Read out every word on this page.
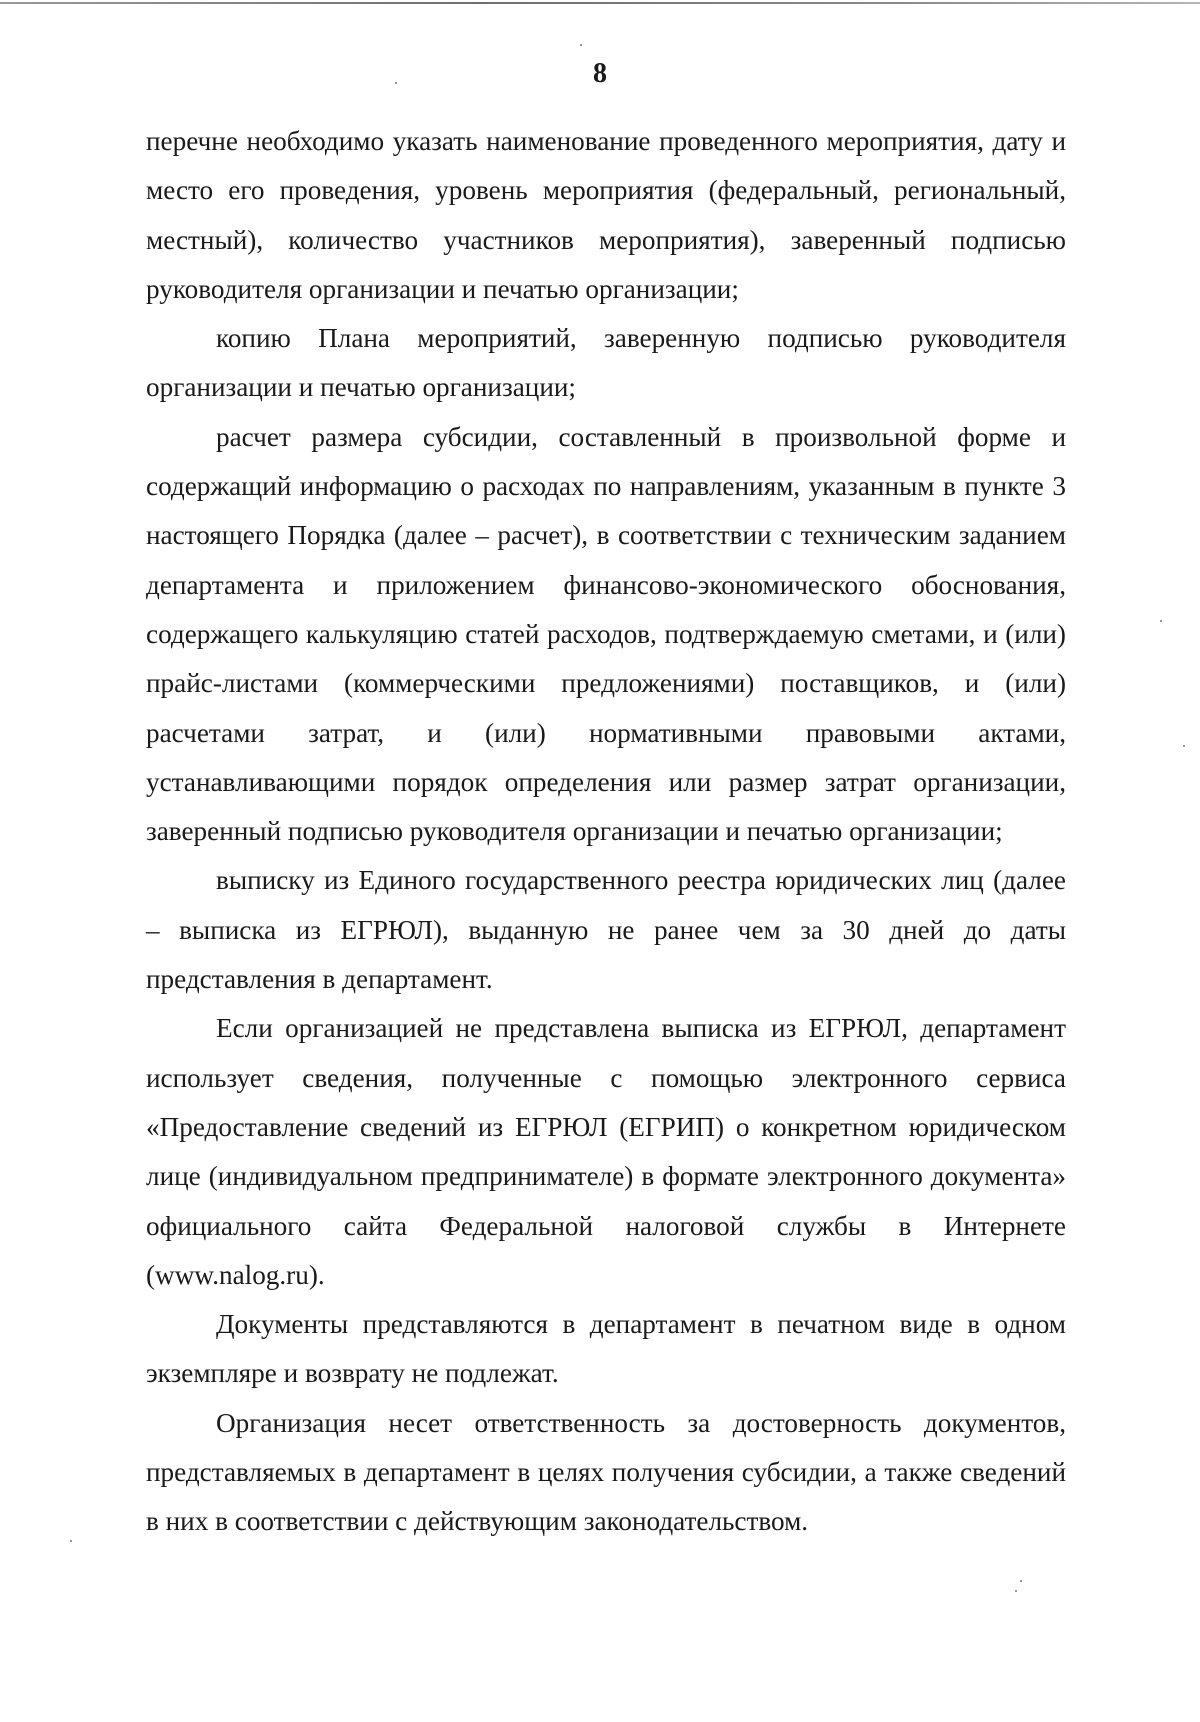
8

перечне необходимо указать наименование проведенного мероприятия, дату и место его проведения, уровень мероприятия (федеральный, региональный, местный), количество участников мероприятия), заверенный подписью руководителя организации и печатью организации;

копию Плана мероприятий, заверенную подписью руководителя организации и печатью организации;

расчет размера субсидии, составленный в произвольной форме и содержащий информацию о расходах по направлениям, указанным в пункте 3 настоящего Порядка (далее – расчет), в соответствии с техническим заданием департамента и приложением финансово-экономического обоснования, содержащего калькуляцию статей расходов, подтверждаемую сметами, и (или) прайс-листами (коммерческими предложениями) поставщиков, и (или) расчетами затрат, и (или) нормативными правовыми актами, устанавливающими порядок определения или размер затрат организации, заверенный подписью руководителя организации и печатью организации;

выписку из Единого государственного реестра юридических лиц (далее – выписка из ЕГРЮЛ), выданную не ранее чем за 30 дней до даты представления в департамент.

Если организацией не представлена выписка из ЕГРЮЛ, департамент использует сведения, полученные с помощью электронного сервиса «Предоставление сведений из ЕГРЮЛ (ЕГРИП) о конкретном юридическом лице (индивидуальном предпринимателе) в формате электронного документа» официального сайта Федеральной налоговой службы в Интернете (www.nalog.ru).

Документы представляются в департамент в печатном виде в одном экземпляре и возврату не подлежат.

Организация несет ответственность за достоверность документов, представляемых в департамент в целях получения субсидии, а также сведений в них в соответствии с действующим законодательством.
